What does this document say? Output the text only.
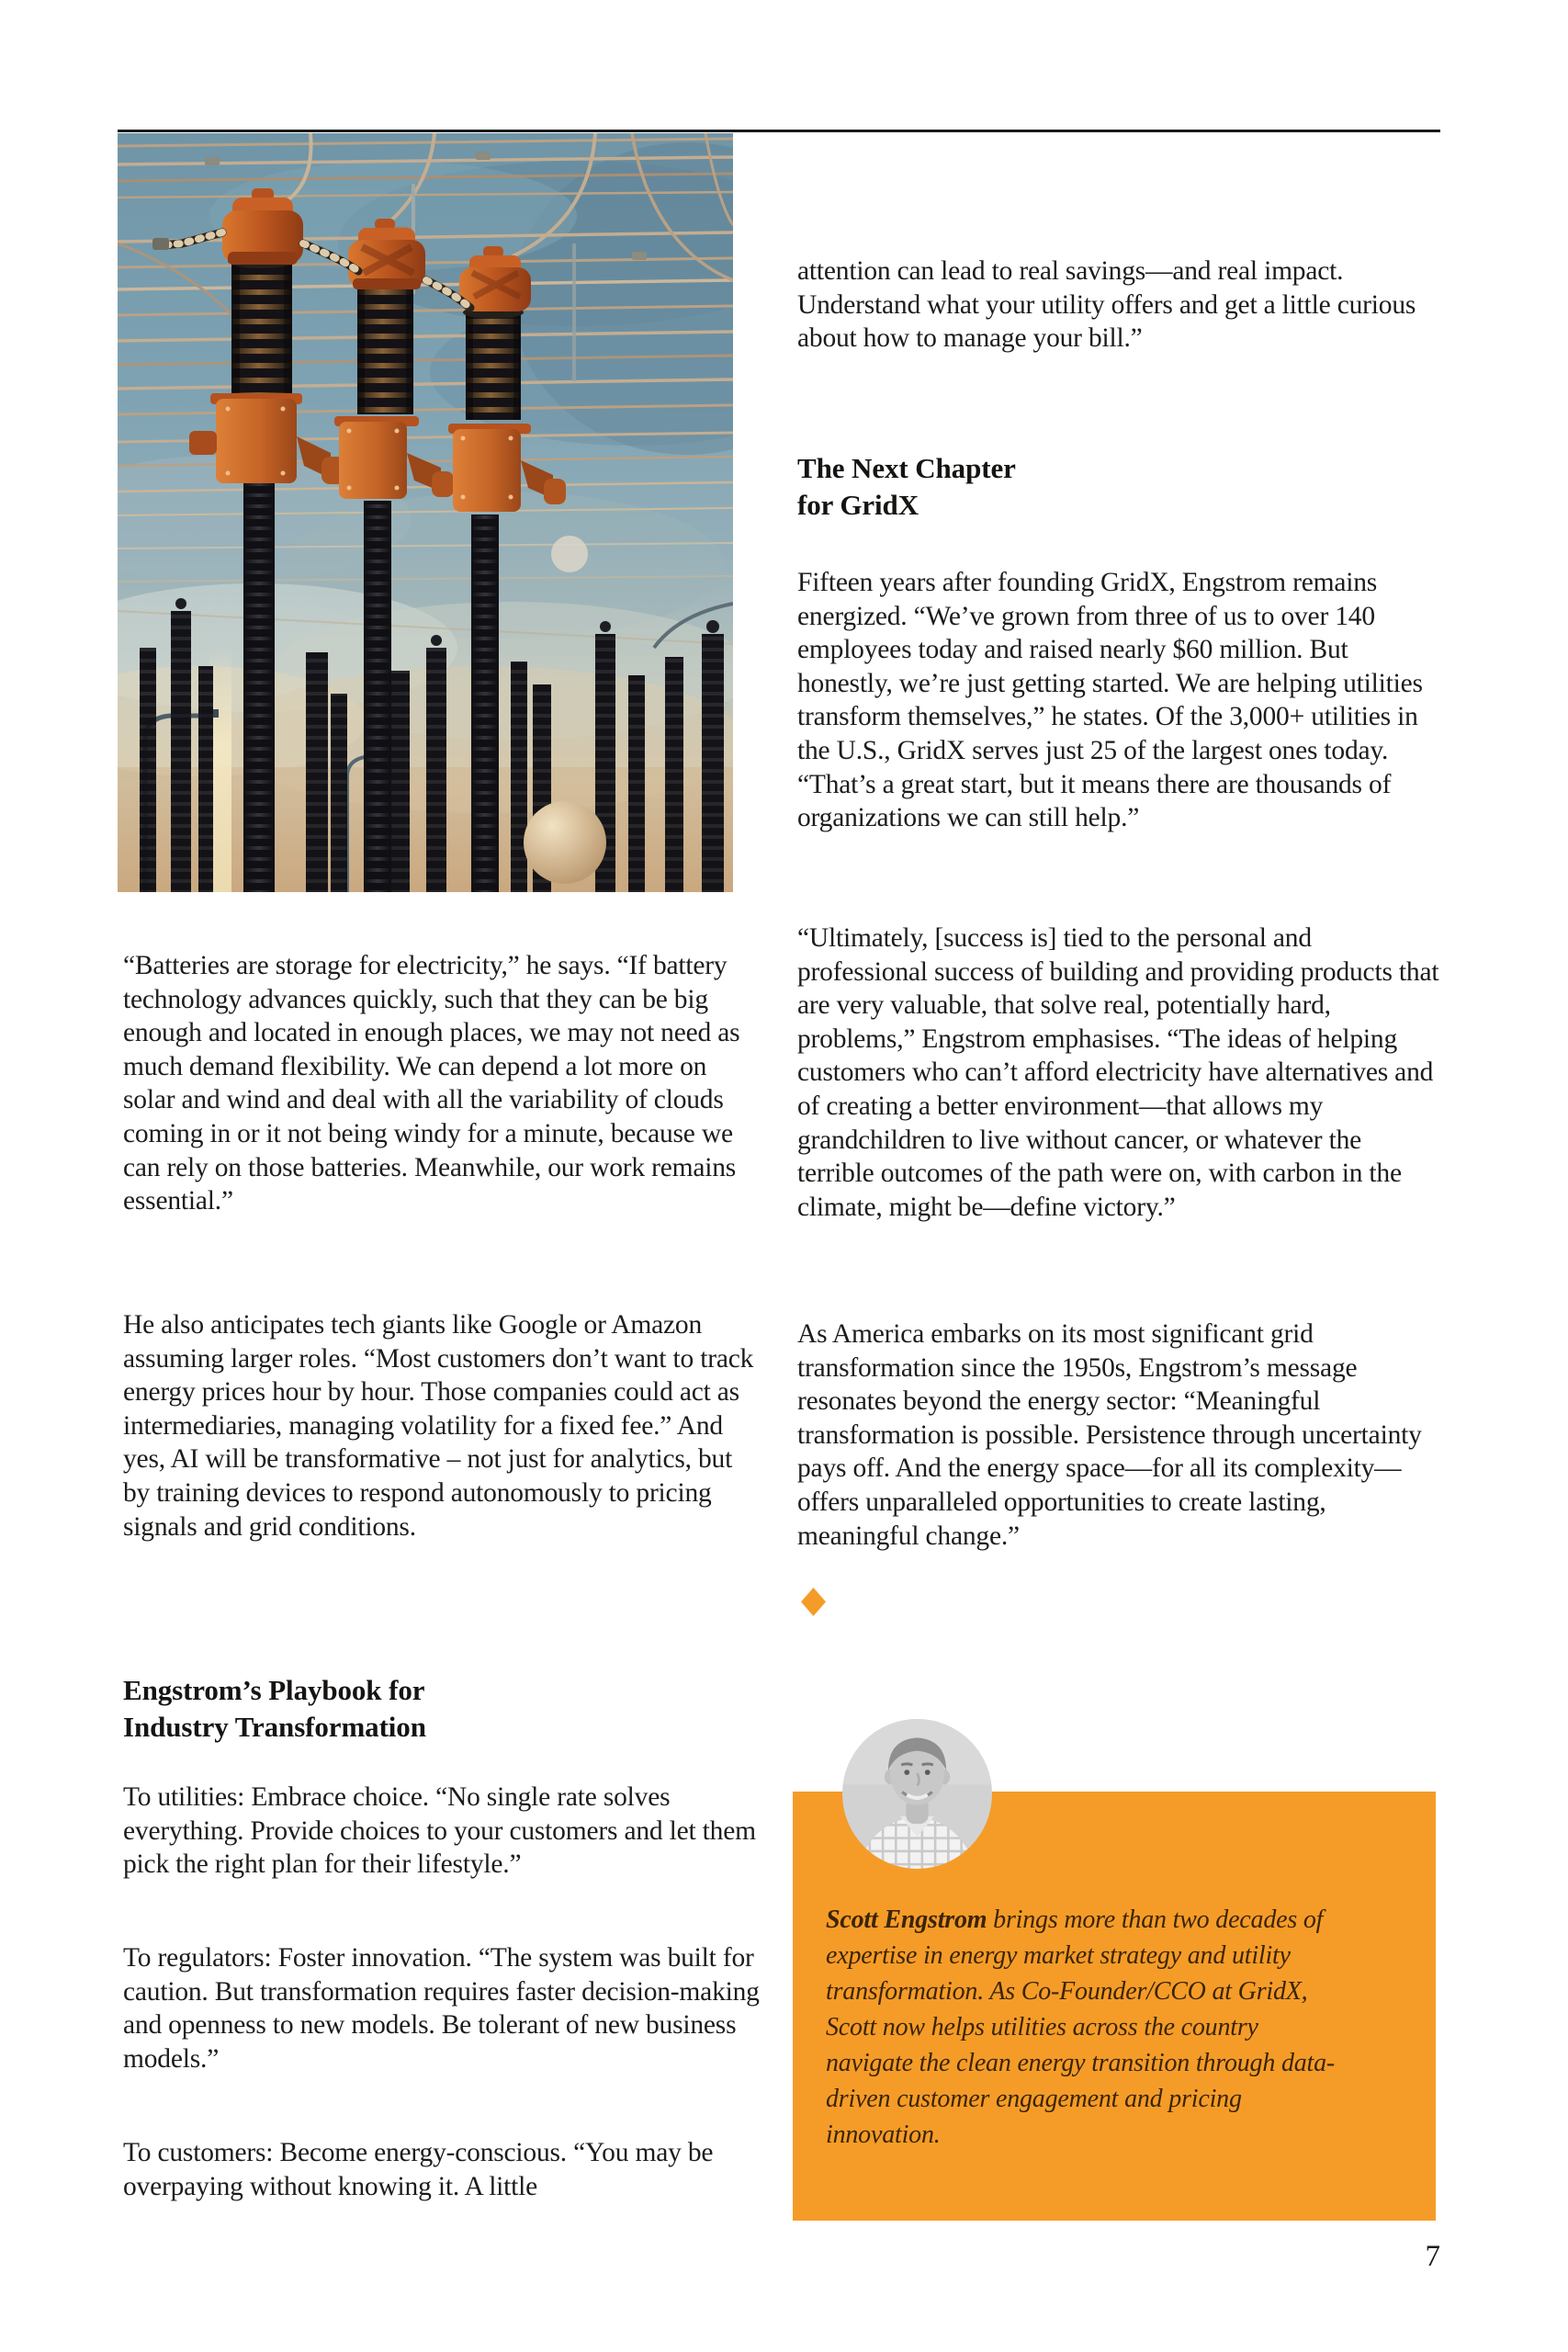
“Batteries are storage for electricity,” he says. “If battery technology advances quickly, such that they can be big enough and located in enough places, we may not need as much demand flexibility. We can depend a lot more on solar and wind and deal with all the variability of clouds coming in or it not being windy for a minute, because we can rely on those batteries. Meanwhile, our work remains essential.”

He also anticipates tech giants like Google or Amazon assuming larger roles. “Most customers don’t want to track energy prices hour by hour. Those companies could act as intermediaries, managing volatility for a fixed fee.” And yes, AI will be transformative – not just for analytics, but by training devices to respond autonomously to pricing signals and grid conditions.

Engstrom’s Playbook for
Industry Transformation

To utilities: Embrace choice. “No single rate solves everything. Provide choices to your customers and let them pick the right plan for their lifestyle.”

To regulators: Foster innovation. “The system was built for caution. But transformation requires faster decision-making and openness to new models. Be tolerant of new business models.”

To customers: Become energy-conscious. “You may be overpaying without knowing it. A little

attention can lead to real savings—and real impact. Understand what your utility offers and get a little curious about how to manage your bill.”

The Next Chapter
for GridX

Fifteen years after founding GridX, Engstrom remains energized. “We’ve grown from three of us to over 140 employees today and raised nearly $60 million. But honestly, we’re just getting started. We are helping utilities transform themselves,” he states. Of the 3,000+ utilities in the U.S., GridX serves just 25 of the largest ones today. “That’s a great start, but it means there are thousands of organizations we can still help.”

“Ultimately, [success is] tied to the personal and professional success of building and providing products that are very valuable, that solve real, potentially hard, problems,” Engstrom emphasises. “The ideas of helping customers who can’t afford electricity have alternatives and of creating a better environment—that allows my grandchildren to live without cancer, or whatever the terrible outcomes of the path were on, with carbon in the climate, might be—define victory.”

As America embarks on its most significant grid transformation since the 1950s, Engstrom’s message resonates beyond the energy sector: “Meaningful transformation is possible. Persistence through uncertainty pays off. And the energy space—for all its complexity—offers unparalleled opportunities to create lasting, meaningful change.”

Scott Engstrom brings more than two decades of expertise in energy market strategy and utility transformation. As Co-Founder/CCO at GridX, Scott now helps utilities across the country navigate the clean energy transition through data-driven customer engagement and pricing innovation.

7
